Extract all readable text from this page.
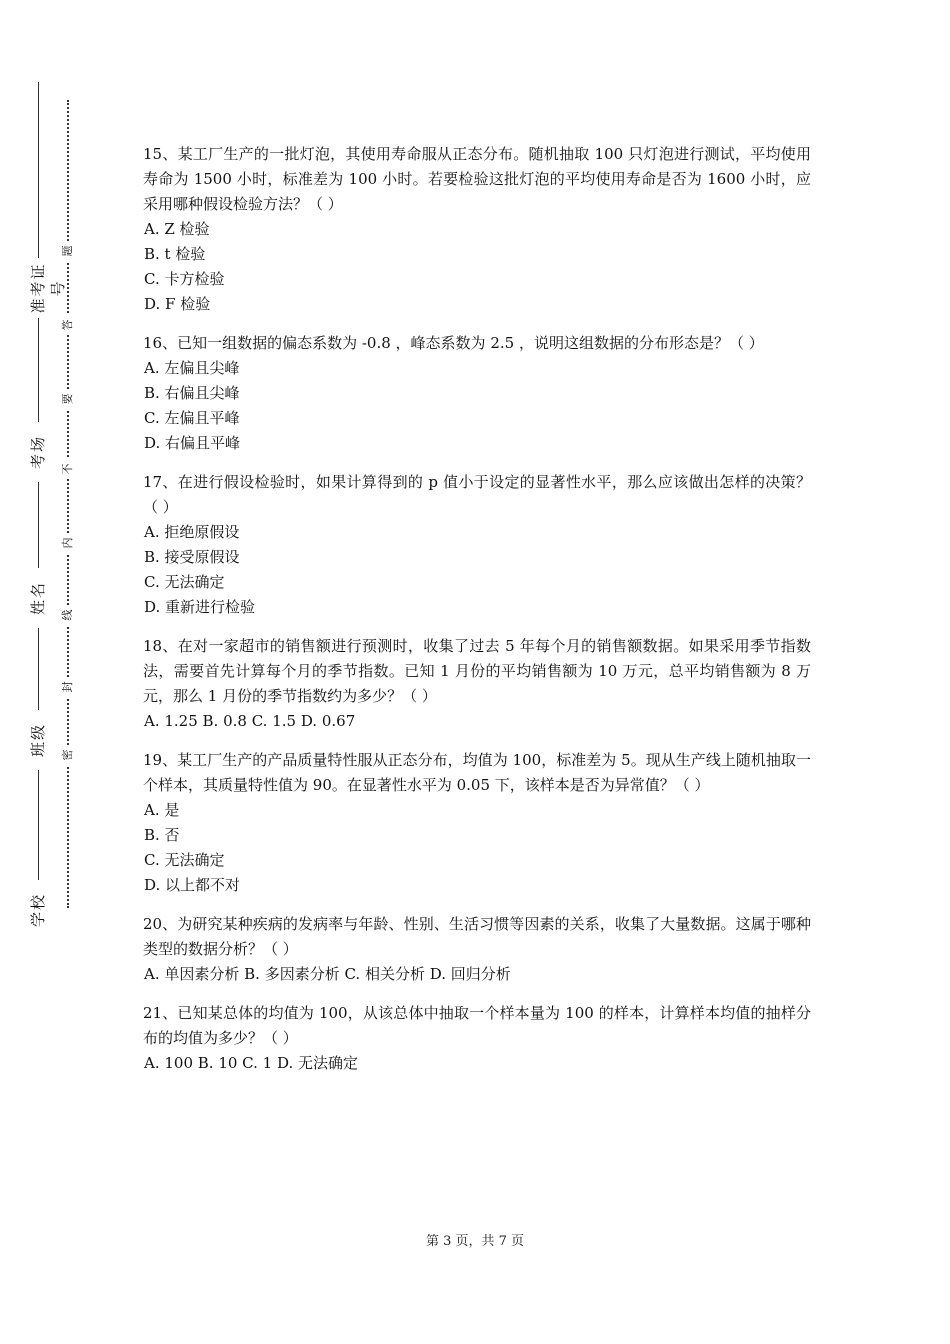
准考证号
考场
姓名
班级
学校
题
答
要
不
内
线
封
密
15、某工厂生产的一批灯泡，其使用寿命服从正态分布。随机抽取 100 只灯泡进行测试，平均使用寿命为 1500 小时，标准差为 100 小时。若要检验这批灯泡的平均使用寿命是否为 1600 小时，应采用哪种假设检验方法？（ ）
A. Z 检验
B. t 检验
C. 卡方检验
D. F 检验
16、已知一组数据的偏态系数为 -0.8 ，峰态系数为 2.5 ，说明这组数据的分布形态是？（ ）
A. 左偏且尖峰
B. 右偏且尖峰
C. 左偏且平峰
D. 右偏且平峰
17、在进行假设检验时，如果计算得到的 p 值小于设定的显著性水平，那么应该做出怎样的决策？（ ）
A. 拒绝原假设
B. 接受原假设
C. 无法确定
D. 重新进行检验
18、在对一家超市的销售额进行预测时，收集了过去 5 年每个月的销售额数据。如果采用季节指数法，需要首先计算每个月的季节指数。已知 1 月份的平均销售额为 10 万元，总平均销售额为 8 万元，那么 1 月份的季节指数约为多少？（ ）
A. 1.25 B. 0.8 C. 1.5 D. 0.67
19、某工厂生产的产品质量特性服从正态分布，均值为 100，标准差为 5。现从生产线上随机抽取一个样本，其质量特性值为 90。在显著性水平为 0.05 下，该样本是否为异常值？（ ）
A. 是
B. 否
C. 无法确定
D. 以上都不对
20、为研究某种疾病的发病率与年龄、性别、生活习惯等因素的关系，收集了大量数据。这属于哪种类型的数据分析？（ ）
A. 单因素分析 B. 多因素分析 C. 相关分析 D. 回归分析
21、已知某总体的均值为 100，从该总体中抽取一个样本量为 100 的样本，计算样本均值的抽样分布的均值为多少？（ ）
A. 100 B. 10 C. 1 D. 无法确定
第 3 页，共 7 页
